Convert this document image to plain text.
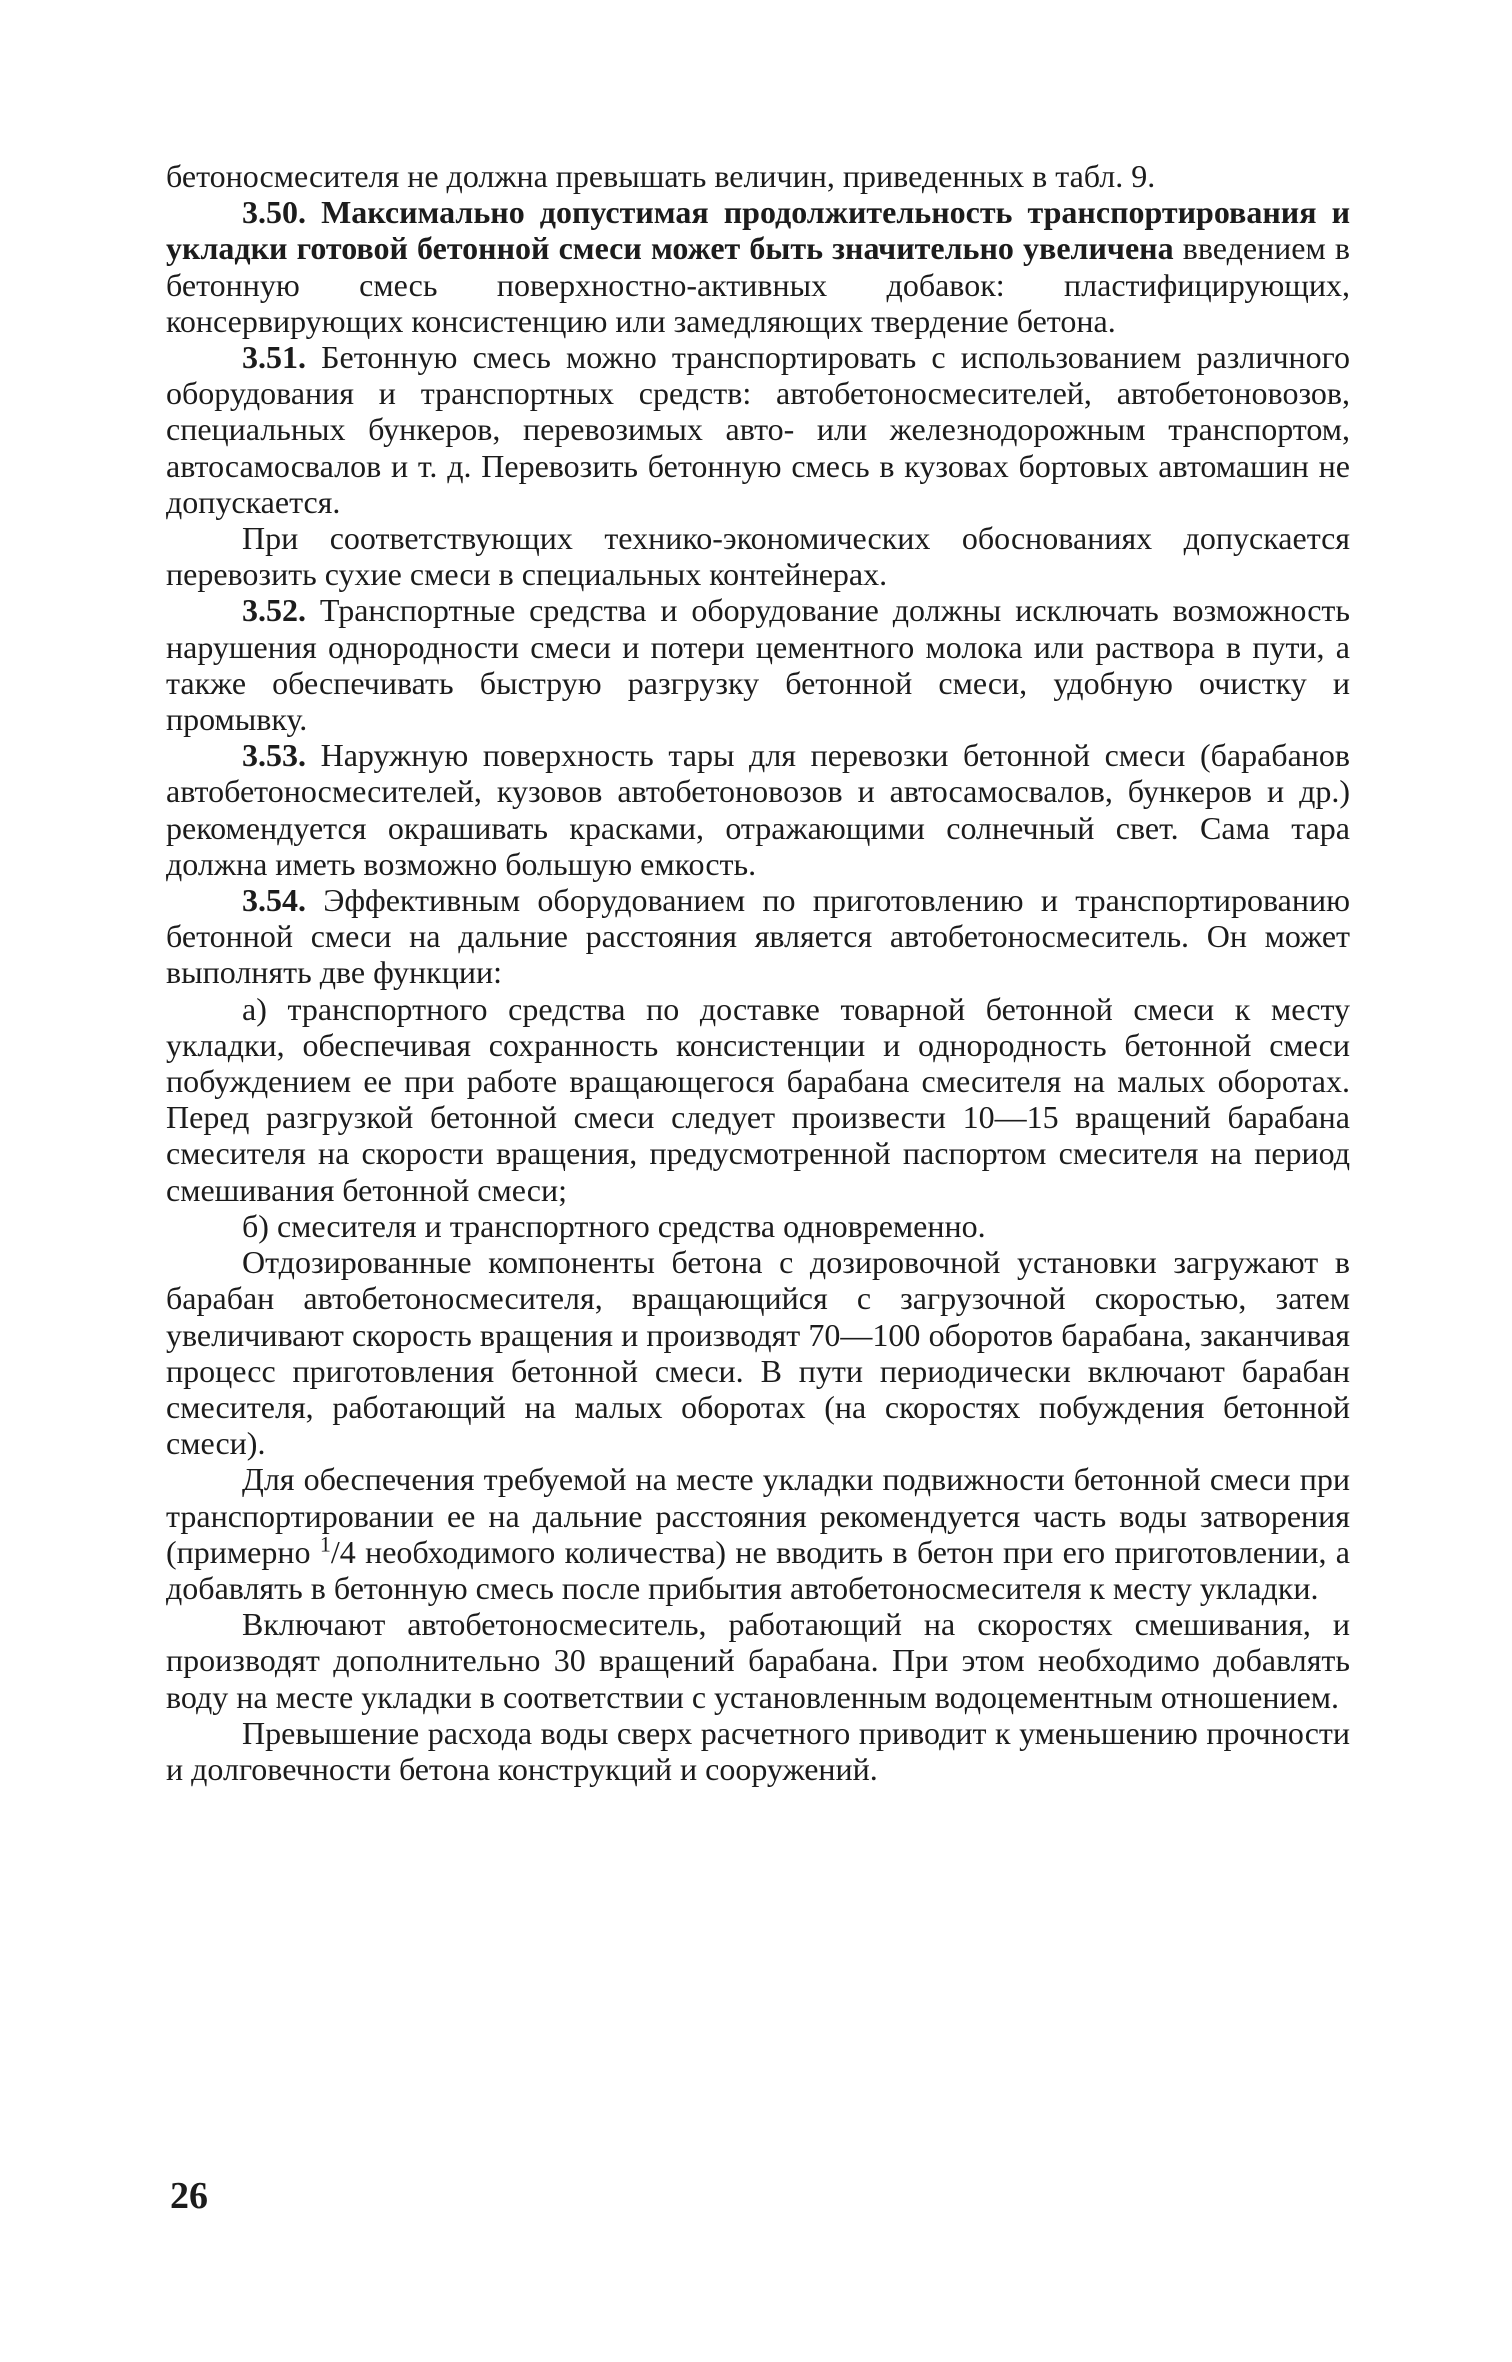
бетоносмесителя не должна превышать величин, приведенных в табл. 9.

3.50. Максимально допустимая продолжительность транспортирования и укладки готовой бетонной смеси может быть значительно увеличена введением в бетонную смесь поверхностно-активных добавок: пластифицирующих, консервирующих консистенцию или замедляющих твердение бетона.

3.51. Бетонную смесь можно транспортировать с использованием различного оборудования и транспортных средств: автобетоносмесителей, автобетоновозов, специальных бункеров, перевозимых авто- или железнодорожным транспортом, автосамосвалов и т. д. Перевозить бетонную смесь в кузовах бортовых автомашин не допускается.

При соответствующих технико-экономических обоснованиях допускается перевозить сухие смеси в специальных контейнерах.

3.52. Транспортные средства и оборудование должны исключать возможность нарушения однородности смеси и потери цементного молока или раствора в пути, а также обеспечивать быструю разгрузку бетонной смеси, удобную очистку и промывку.

3.53. Наружную поверхность тары для перевозки бетонной смеси (барабанов автобетоносмесителей, кузовов автобетоновозов и автосамосвалов, бункеров и др.) рекомендуется окрашивать красками, отражающими солнечный свет. Сама тара должна иметь возможно большую емкость.

3.54. Эффективным оборудованием по приготовлению и транспортированию бетонной смеси на дальние расстояния является автобетоносмеситель. Он может выполнять две функции:

а) транспортного средства по доставке товарной бетонной смеси к месту укладки, обеспечивая сохранность консистенции и однородность бетонной смеси побуждением ее при работе вращающегося барабана смесителя на малых оборотах. Перед разгрузкой бетонной смеси следует произвести 10—15 вращений барабана смесителя на скорости вращения, предусмотренной паспортом смесителя на период смешивания бетонной смеси;

б) смесителя и транспортного средства одновременно.

Отдозированные компоненты бетона с дозировочной установки загружают в барабан автобетоносмесителя, вращающийся с загрузочной скоростью, затем увеличивают скорость вращения и производят 70—100 оборотов барабана, заканчивая процесс приготовления бетонной смеси. В пути периодически включают барабан смесителя, работающий на малых оборотах (на скоростях побуждения бетонной смеси).

Для обеспечения требуемой на месте укладки подвижности бетонной смеси при транспортировании ее на дальние расстояния рекомендуется часть воды затворения (примерно $^1$/4 необходимого количества) не вводить в бетон при его приготовлении, а добавлять в бетонную смесь после прибытия автобетоносмесителя к месту укладки.

Включают автобетоносмеситель, работающий на скоростях смешивания, и производят дополнительно 30 вращений барабана. При этом необходимо добавлять воду на месте укладки в соответствии с установленным водоцементным отношением.

Превышение расхода воды сверх расчетного приводит к уменьшению прочности и долговечности бетона конструкций и сооружений.

26
